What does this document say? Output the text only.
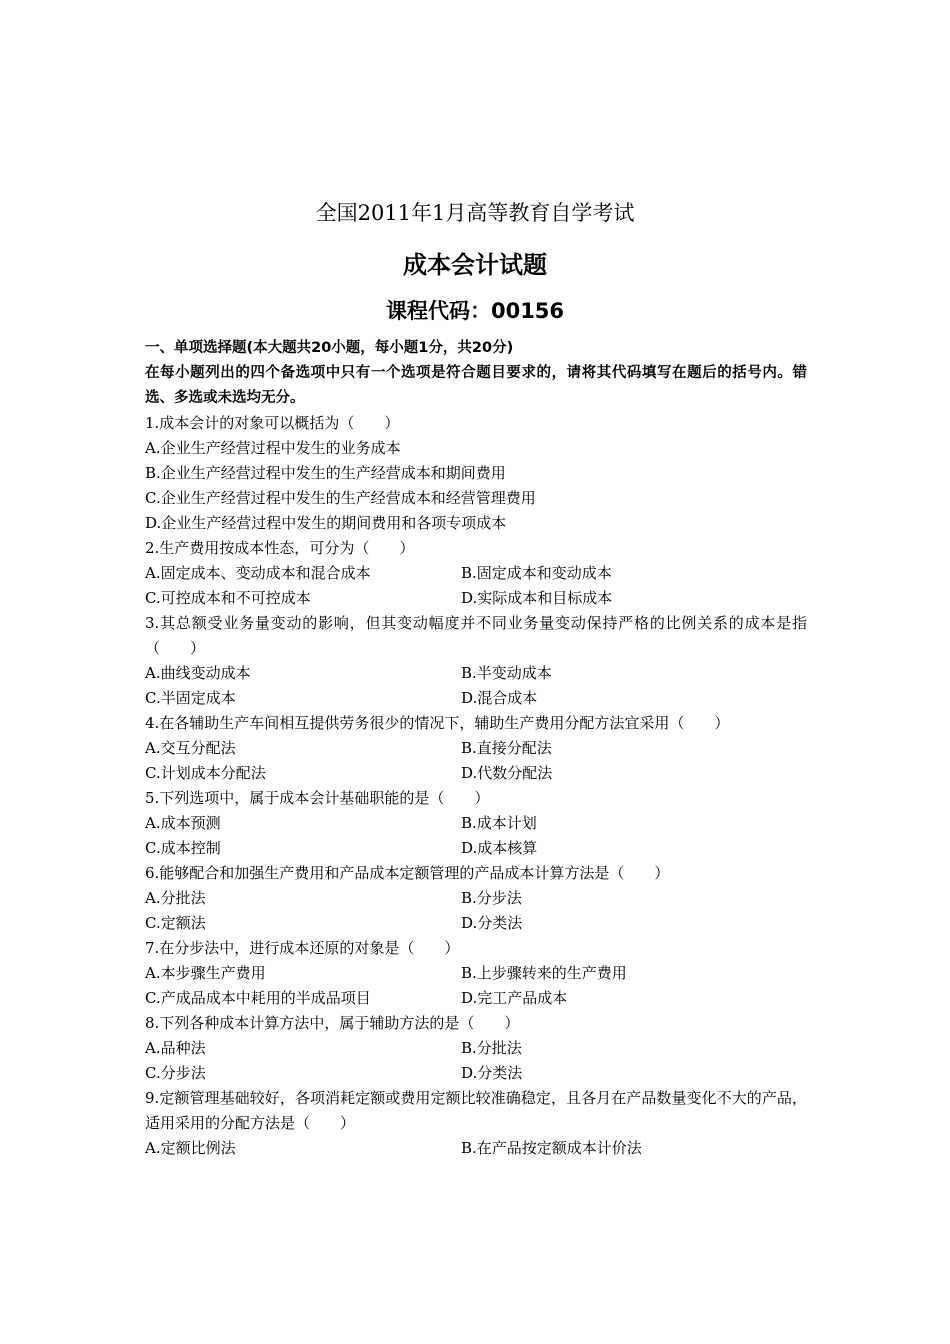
全国2011年1月高等教育自学考试
成本会计试题
课程代码：00156
一、单项选择题(本大题共20小题，每小题1分，共20分)
在每小题列出的四个备选项中只有一个选项是符合题目要求的，请将其代码填写在题后的括号内。错选、多选或未选均无分。
1.成本会计的对象可以概括为（　　）
A.企业生产经营过程中发生的业务成本
B.企业生产经营过程中发生的生产经营成本和期间费用
C.企业生产经营过程中发生的生产经营成本和经营管理费用
D.企业生产经营过程中发生的期间费用和各项专项成本
2.生产费用按成本性态，可分为（　　）
A.固定成本、变动成本和混合成本	B.固定成本和变动成本
C.可控成本和不可控成本	D.实际成本和目标成本
3.其总额受业务量变动的影响，但其变动幅度并不同业务量变动保持严格的比例关系的成本是指（　　）
A.曲线变动成本	B.半变动成本
C.半固定成本	D.混合成本
4.在各辅助生产车间相互提供劳务很少的情况下，辅助生产费用分配方法宜采用（　　）
A.交互分配法	B.直接分配法
C.计划成本分配法	D.代数分配法
5.下列选项中，属于成本会计基础职能的是（　　）
A.成本预测	B.成本计划
C.成本控制	D.成本核算
6.能够配合和加强生产费用和产品成本定额管理的产品成本计算方法是（　　）
A.分批法	B.分步法
C.定额法	D.分类法
7.在分步法中，进行成本还原的对象是（　　）
A.本步骤生产费用	B.上步骤转来的生产费用
C.产成品成本中耗用的半成品项目	D.完工产品成本
8.下列各种成本计算方法中，属于辅助方法的是（　　）
A.品种法	B.分批法
C.分步法	D.分类法
9.定额管理基础较好，各项消耗定额或费用定额比较准确稳定，且各月在产品数量变化不大的产品，适用采用的分配方法是（　　）
A.定额比例法	B.在产品按定额成本计价法
